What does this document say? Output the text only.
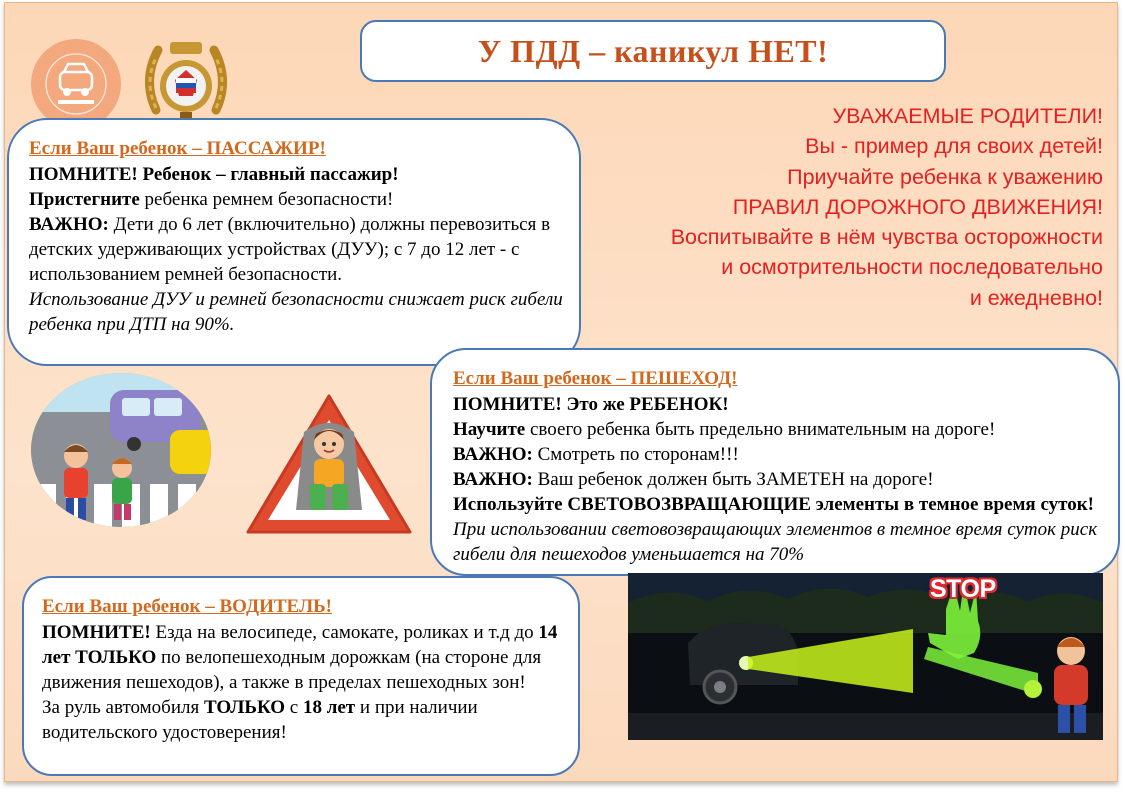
У ПДД – каникул НЕТ!
УВАЖАЕМЫЕ РОДИТЕЛИ!
Вы - пример для своих детей!
Приучайте ребенка к уважению
ПРАВИЛ ДОРОЖНОГО ДВИЖЕНИЯ!
Воспитывайте в нём чувства осторожности
и осмотрительности последовательно
и ежедневно!

Если Ваш ребенок – ПАССАЖИР!

ПОМНИТЕ! Ребенок – главный пассажир!

Пристегните ребенка ремнем безопасности!

ВАЖНО: Дети до 6 лет (включительно) должны перевозиться в детских удерживающих устройствах (ДУУ); с 7 до 12 лет - с использованием ремней безопасности.

Использование ДУУ и ремней безопасности снижает риск гибели ребенка при ДТП на 90%.

Если Ваш ребенок – ПЕШЕХОД!

ПОМНИТЕ! Это же РЕБЕНОК!

Научите своего ребенка быть предельно внимательным на дороге!

ВАЖНО: Смотреть по сторонам!!!

ВАЖНО: Ваш ребенок должен быть ЗАМЕТЕН на дороге!

Используйте СВЕТОВОЗВРАЩАЮЩИЕ элементы в темное время суток! При использовании световозвращающих элементов в темное время суток риск гибели для пешеходов уменьшается на 70%

STOP

Если Ваш ребенок – ВОДИТЕЛЬ!

ПОМНИТЕ! Езда на велосипеде, самокате, роликах и т.д до 14 лет ТОЛЬКО по велопешеходным дорожкам (на стороне для движения пешеходов), а также в пределах пешеходных зон!

За руль автомобиля ТОЛЬКО с 18 лет и при наличии водительского удостоверения!
